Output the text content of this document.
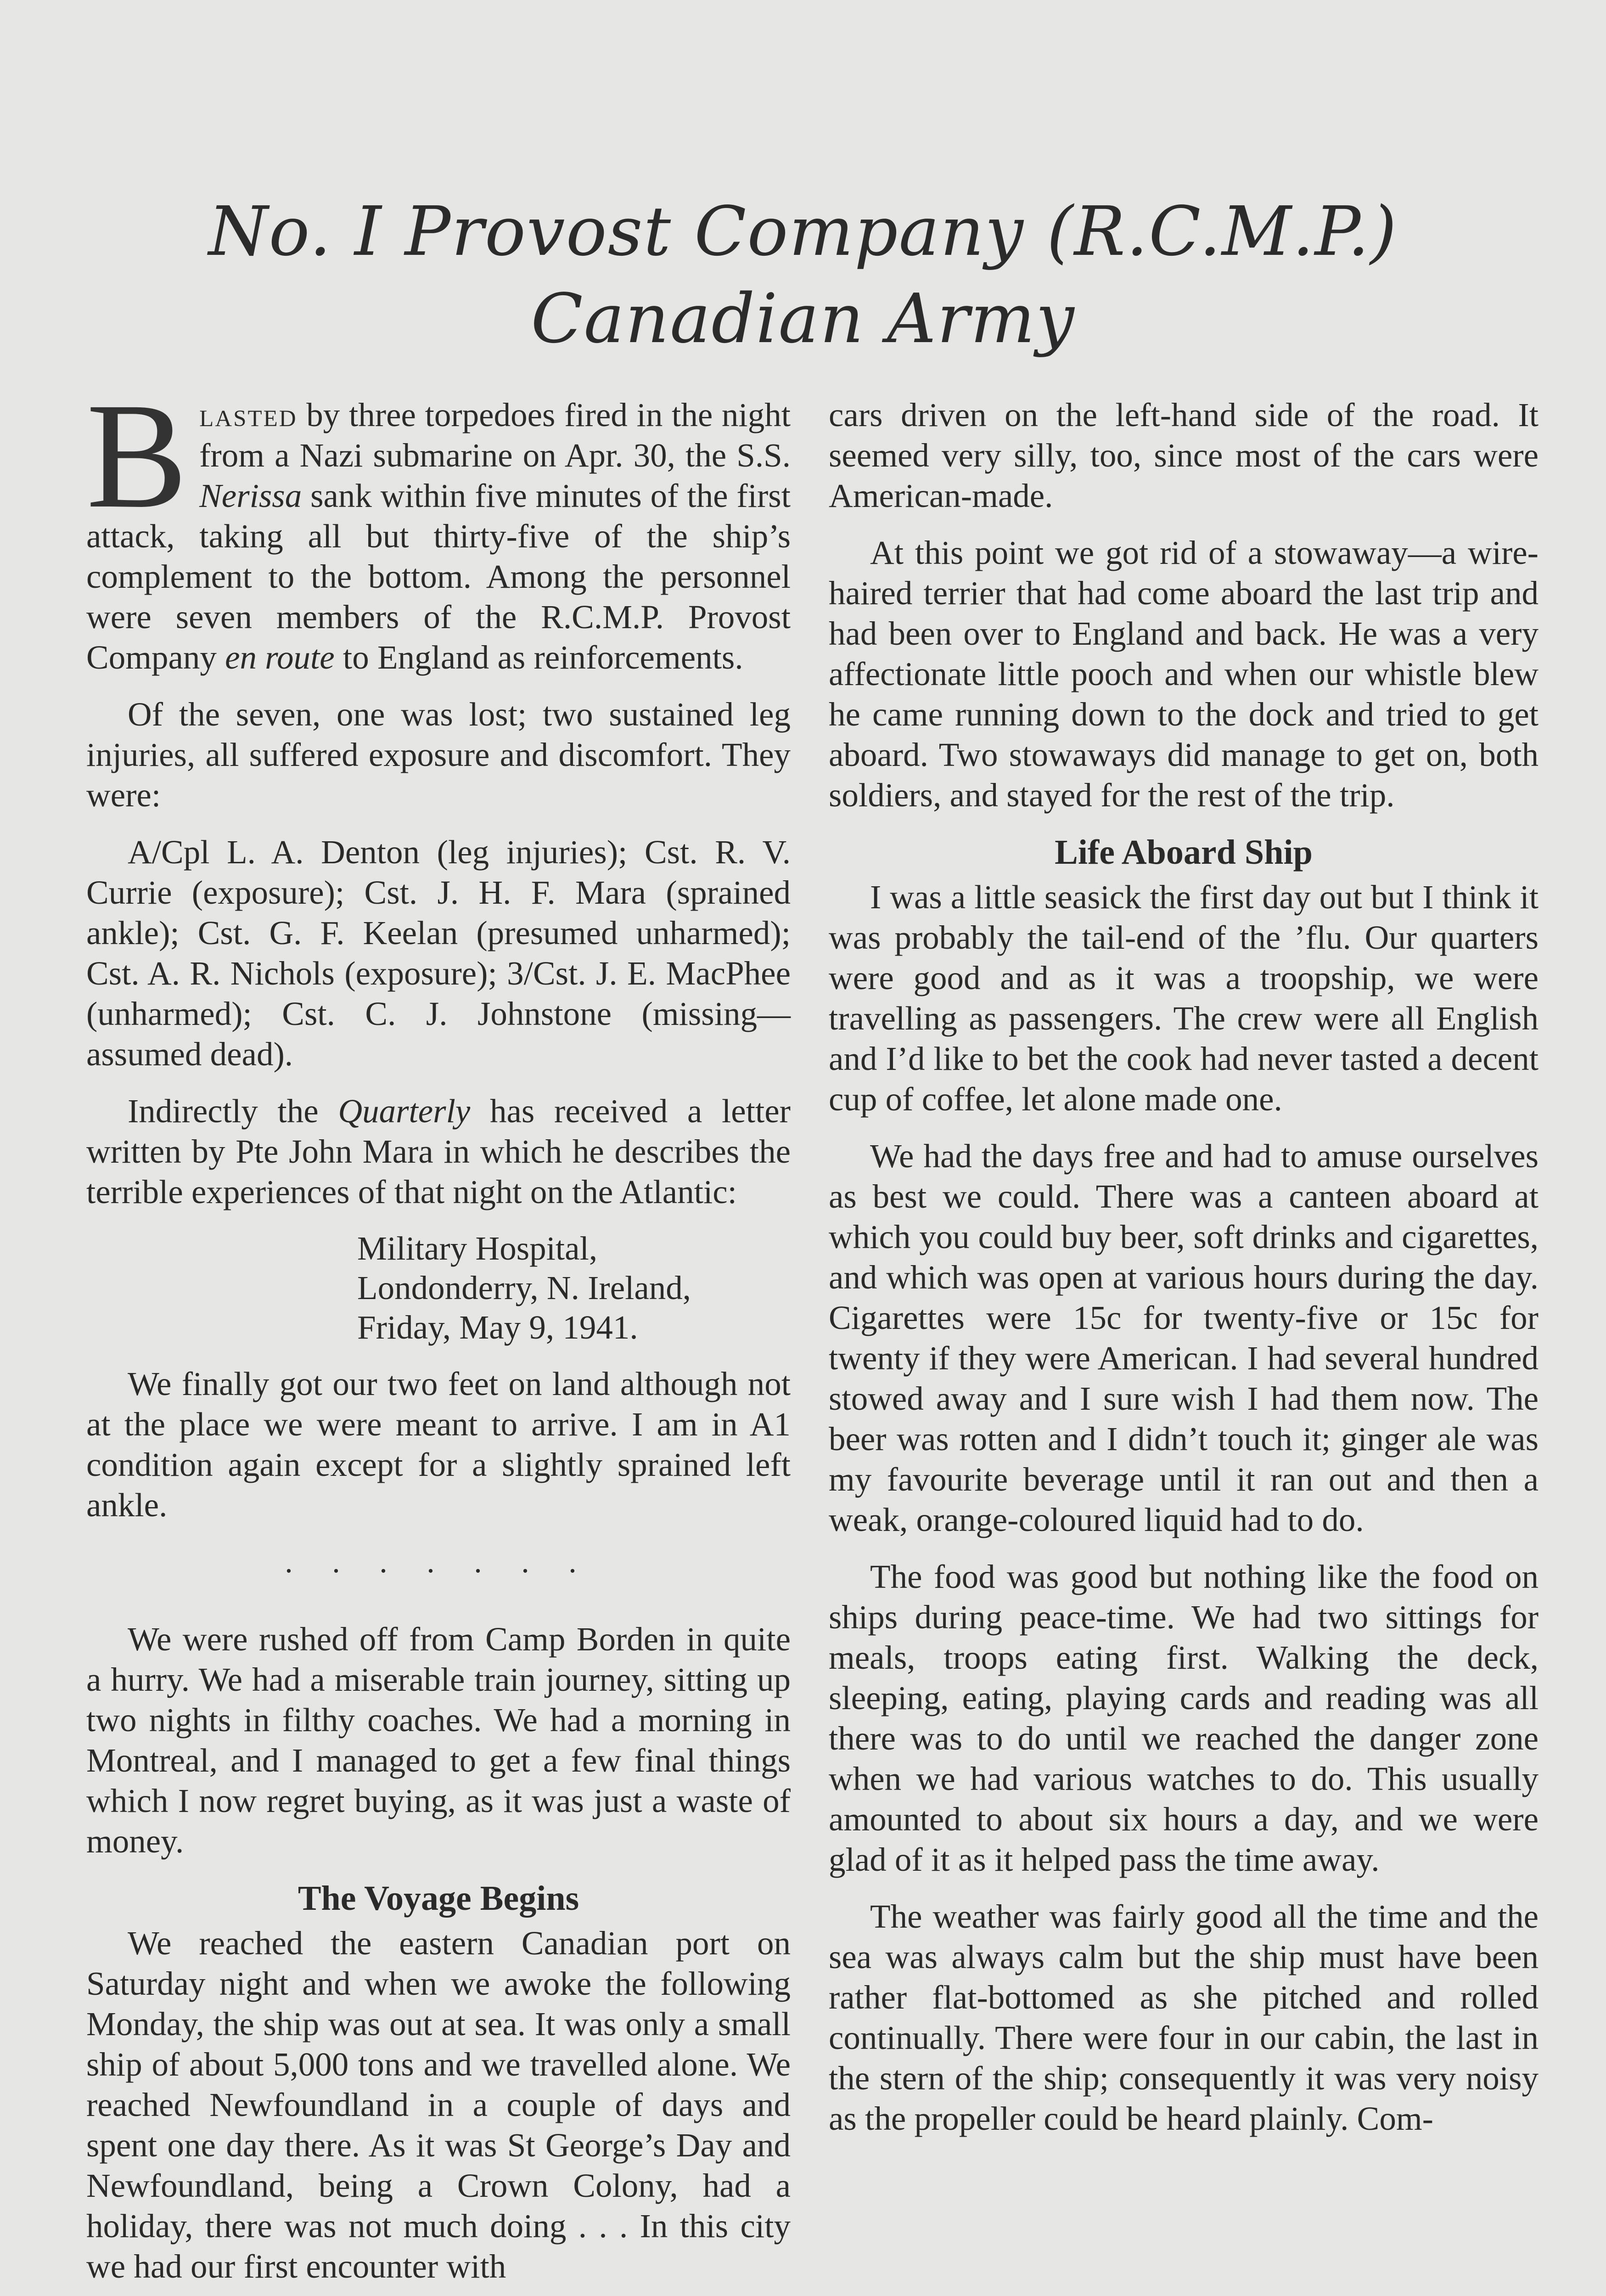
No. I Provost Company (R.C.M.P.)
Canadian Army

Blasted by three torpedoes fired in the night from a Nazi submarine on Apr. 30, the S.S. Nerissa sank within five minutes of the first attack, taking all but thirty-five of the ship’s complement to the bottom. Among the personnel were seven members of the R.C.M.P. Provost Company en route to England as reinforcements.

Of the seven, one was lost; two sustained leg injuries, all suffered exposure and discomfort. They were:

A/Cpl L. A. Denton (leg injuries); Cst. R. V. Currie (exposure); Cst. J. H. F. Mara (sprained ankle); Cst. G. F. Keelan (presumed unharmed); Cst. A. R. Nichols (exposure); 3/Cst. J. E. MacPhee (unharmed); Cst. C. J. Johnstone (missing—assumed dead).

Indirectly the Quarterly has received a letter written by Pte John Mara in which he describes the terrible experiences of that night on the Atlantic:

Military Hospital,
Londonderry, N. Ireland,
Friday, May 9, 1941.

We finally got our two feet on land although not at the place we were meant to arrive. I am in A1 condition again except for a slightly sprained left ankle.

. . . . . . .

We were rushed off from Camp Borden in quite a hurry. We had a miserable train journey, sitting up two nights in filthy coaches. We had a morning in Montreal, and I managed to get a few final things which I now regret buying, as it was just a waste of money.

The Voyage Begins

We reached the eastern Canadian port on Saturday night and when we awoke the following Monday, the ship was out at sea. It was only a small ship of about 5,000 tons and we travelled alone. We reached Newfoundland in a couple of days and spent one day there. As it was St George’s Day and Newfoundland, being a Crown Colony, had a holiday, there was not much doing . . . In this city we had our first encounter with

cars driven on the left-hand side of the road. It seemed very silly, too, since most of the cars were American-made.

At this point we got rid of a stowaway—a wire-haired terrier that had come aboard the last trip and had been over to England and back. He was a very affectionate little pooch and when our whistle blew he came running down to the dock and tried to get aboard. Two stowaways did manage to get on, both soldiers, and stayed for the rest of the trip.

Life Aboard Ship

I was a little seasick the first day out but I think it was probably the tail-end of the ’flu. Our quarters were good and as it was a troopship, we were travelling as passengers. The crew were all English and I’d like to bet the cook had never tasted a decent cup of coffee, let alone made one.

We had the days free and had to amuse ourselves as best we could. There was a canteen aboard at which you could buy beer, soft drinks and cigarettes, and which was open at various hours during the day. Cigarettes were 15c for twenty-five or 15c for twenty if they were American. I had several hundred stowed away and I sure wish I had them now. The beer was rotten and I didn’t touch it; ginger ale was my favourite beverage until it ran out and then a weak, orange-coloured liquid had to do.

The food was good but nothing like the food on ships during peace-time. We had two sittings for meals, troops eating first. Walking the deck, sleeping, eating, playing cards and reading was all there was to do until we reached the danger zone when we had various watches to do. This usually amounted to about six hours a day, and we were glad of it as it helped pass the time away.

The weather was fairly good all the time and the sea was always calm but the ship must have been rather flat-bottomed as she pitched and rolled continually. There were four in our cabin, the last in the stern of the ship; consequently it was very noisy as the propeller could be heard plainly. Com-
